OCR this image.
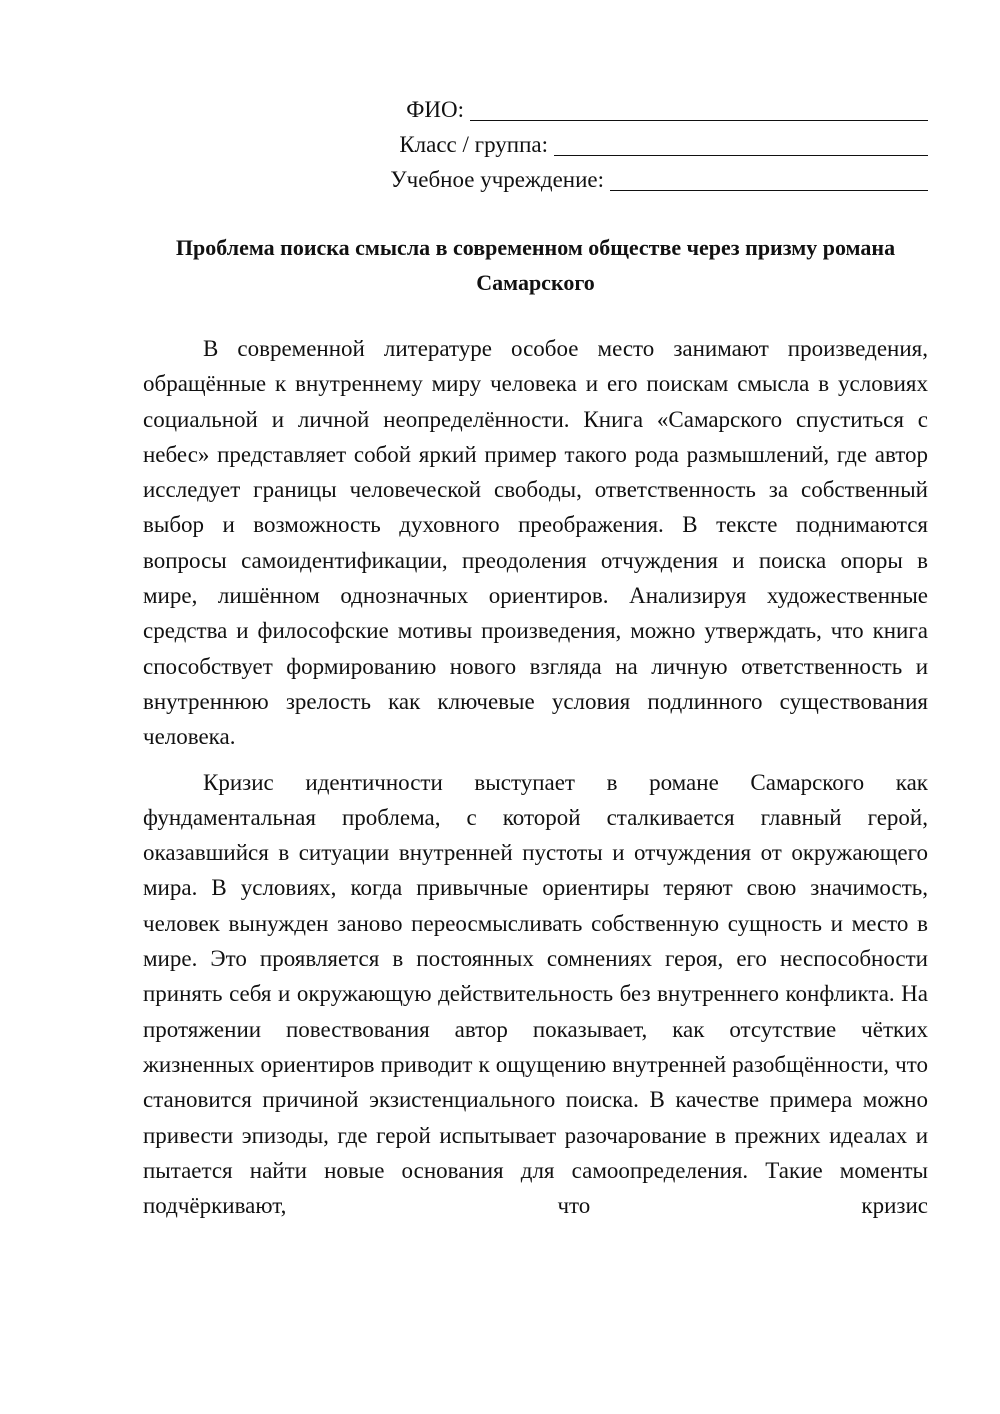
ФИО:
Класс / группа:
Учебное учреждение:
Проблема поиска смысла в современном обществе через призму романа Самарского

В современной литературе особое место занимают произведения, обращённые к внутреннему миру человека и его поискам смысла в условиях социальной и личной неопределённости. Книга «Самарского спуститься с небес» представляет собой яркий пример такого рода размышлений, где автор исследует границы человеческой свободы, ответственность за собственный выбор и возможность духовного преображения. В тексте поднимаются вопросы самоидентификации, преодоления отчуждения и поиска опоры в мире, лишённом однозначных ориентиров. Анализируя художественные средства и философские мотивы произведения, можно утверждать, что книга способствует формированию нового взгляда на личную ответственность и внутреннюю зрелость как ключевые условия подлинного существования человека.

Кризис идентичности выступает в романе Самарского как фундаментальная проблема, с которой сталкивается главный герой, оказавшийся в ситуации внутренней пустоты и отчуждения от окружающего мира. В условиях, когда привычные ориентиры теряют свою значимость, человек вынужден заново переосмысливать собственную сущность и место в мире. Это проявляется в постоянных сомнениях героя, его неспособности принять себя и окружающую действительность без внутреннего конфликта. На протяжении повествования автор показывает, как отсутствие чётких жизненных ориентиров приводит к ощущению внутренней разобщённости, что становится причиной экзистенциального поиска. В качестве примера можно привести эпизоды, где герой испытывает разочарование в прежних идеалах и пытается найти новые основания для самоопределения. Такие моменты подчёркивают, что кризис
